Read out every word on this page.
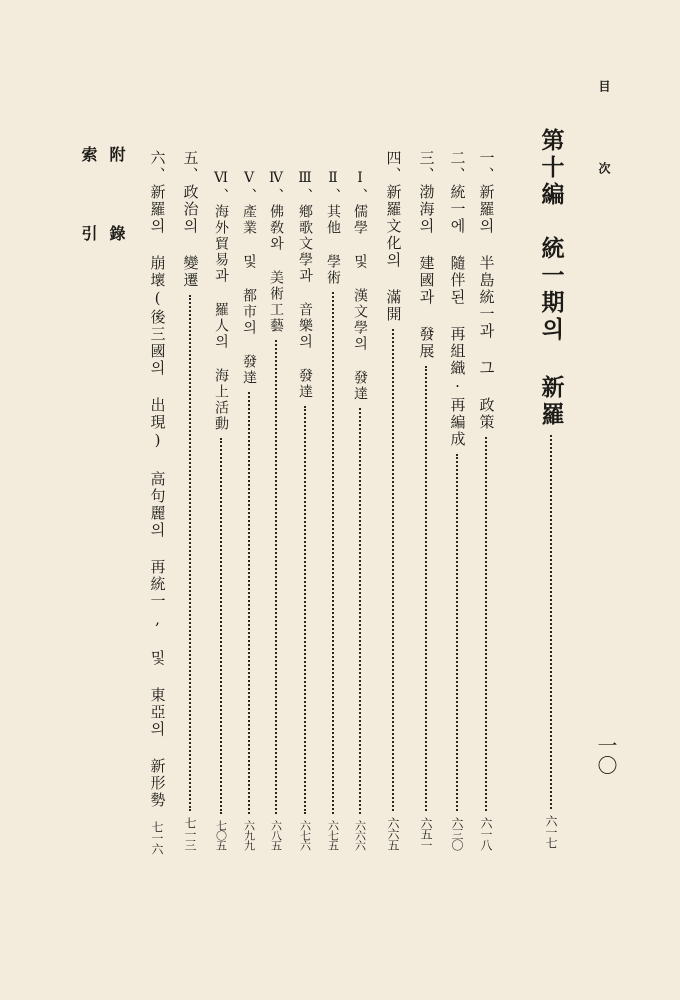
目 次
一〇
第十編　統一期의 新羅
六一七
一、新羅의 半島統一과 그 政策
六一八
二、統一에 隨伴된 再組織·再編成
六三〇
三、渤海의 建國과 發展
六五一
四、新羅文化의 滿開
六六五
Ⅰ、儒學 및 漢文學의 發達
六六六
Ⅱ、其他 學術
六七五
Ⅲ、鄕歌文學과 音樂의 發達
六七六
Ⅳ、佛敎와 美術工藝
六八五
Ⅴ、產業 및 都市의 發達
六九九
Ⅵ、海外貿易과 羅人의 海上活動
七〇五
五、政治의 變遷
七一三
六、新羅의 崩壞(後三國의 出現) 高句麗의 再統一, 및 東亞의 新形勢
七一六
附 錄
索 引
